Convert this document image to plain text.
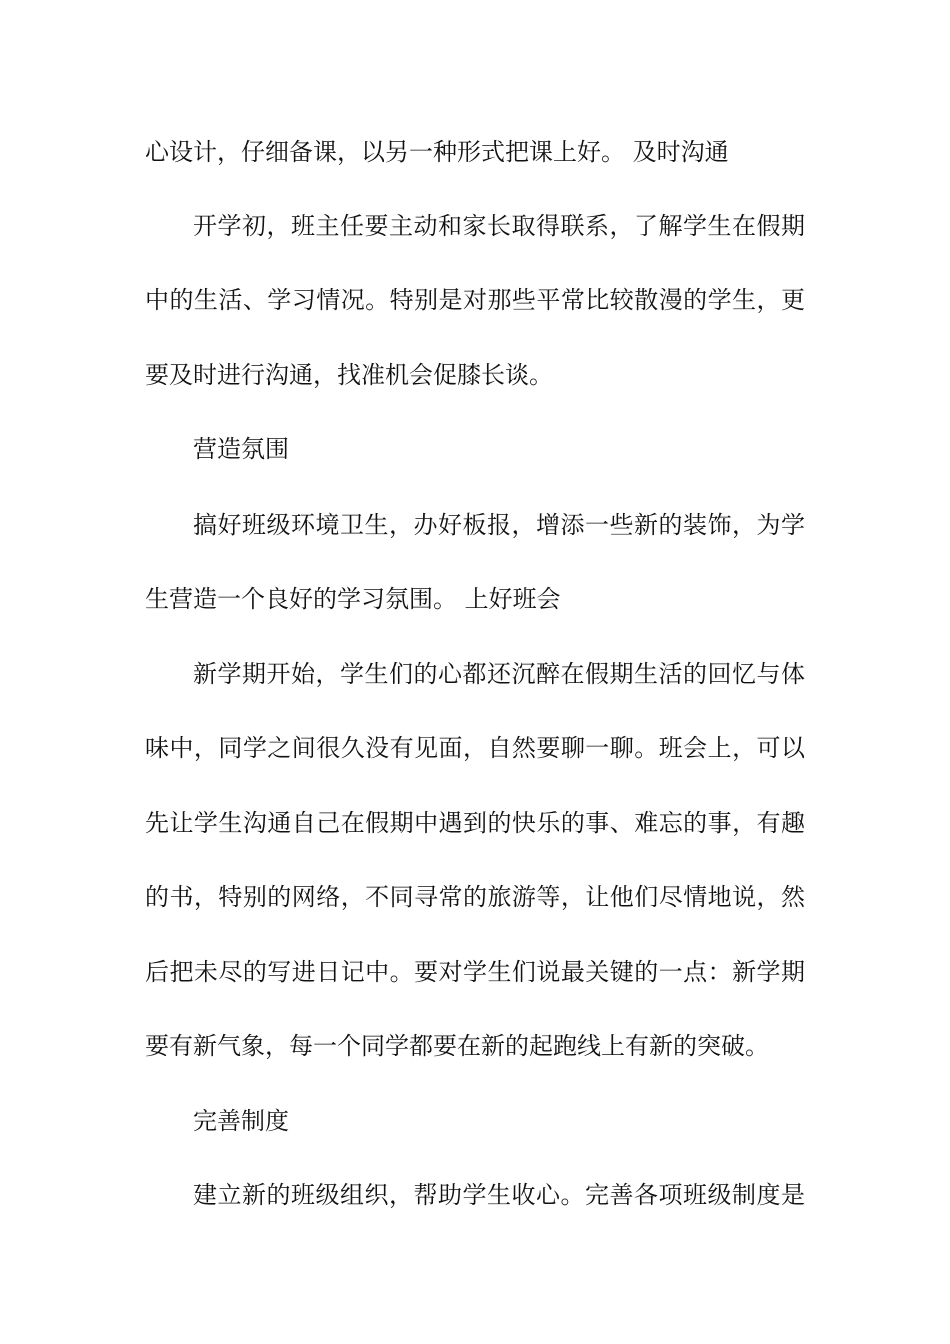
心设计，仔细备课，以另一种形式把课上好。 及时沟通
开学初，班主任要主动和家长取得联系，了解学生在假期
中的生活、学习情况。特别是对那些平常比较散漫的学生，更
要及时进行沟通，找准机会促膝长谈。
营造氛围
搞好班级环境卫生，办好板报，增添一些新的装饰，为学
生营造一个良好的学习氛围。 上好班会
新学期开始，学生们的心都还沉醉在假期生活的回忆与体
味中，同学之间很久没有见面，自然要聊一聊。班会上，可以
先让学生沟通自己在假期中遇到的快乐的事、难忘的事，有趣
的书，特别的网络，不同寻常的旅游等，让他们尽情地说，然
后把未尽的写进日记中。要对学生们说最关键的一点：新学期
要有新气象，每一个同学都要在新的起跑线上有新的突破。
完善制度
建立新的班级组织，帮助学生收心。完善各项班级制度是
